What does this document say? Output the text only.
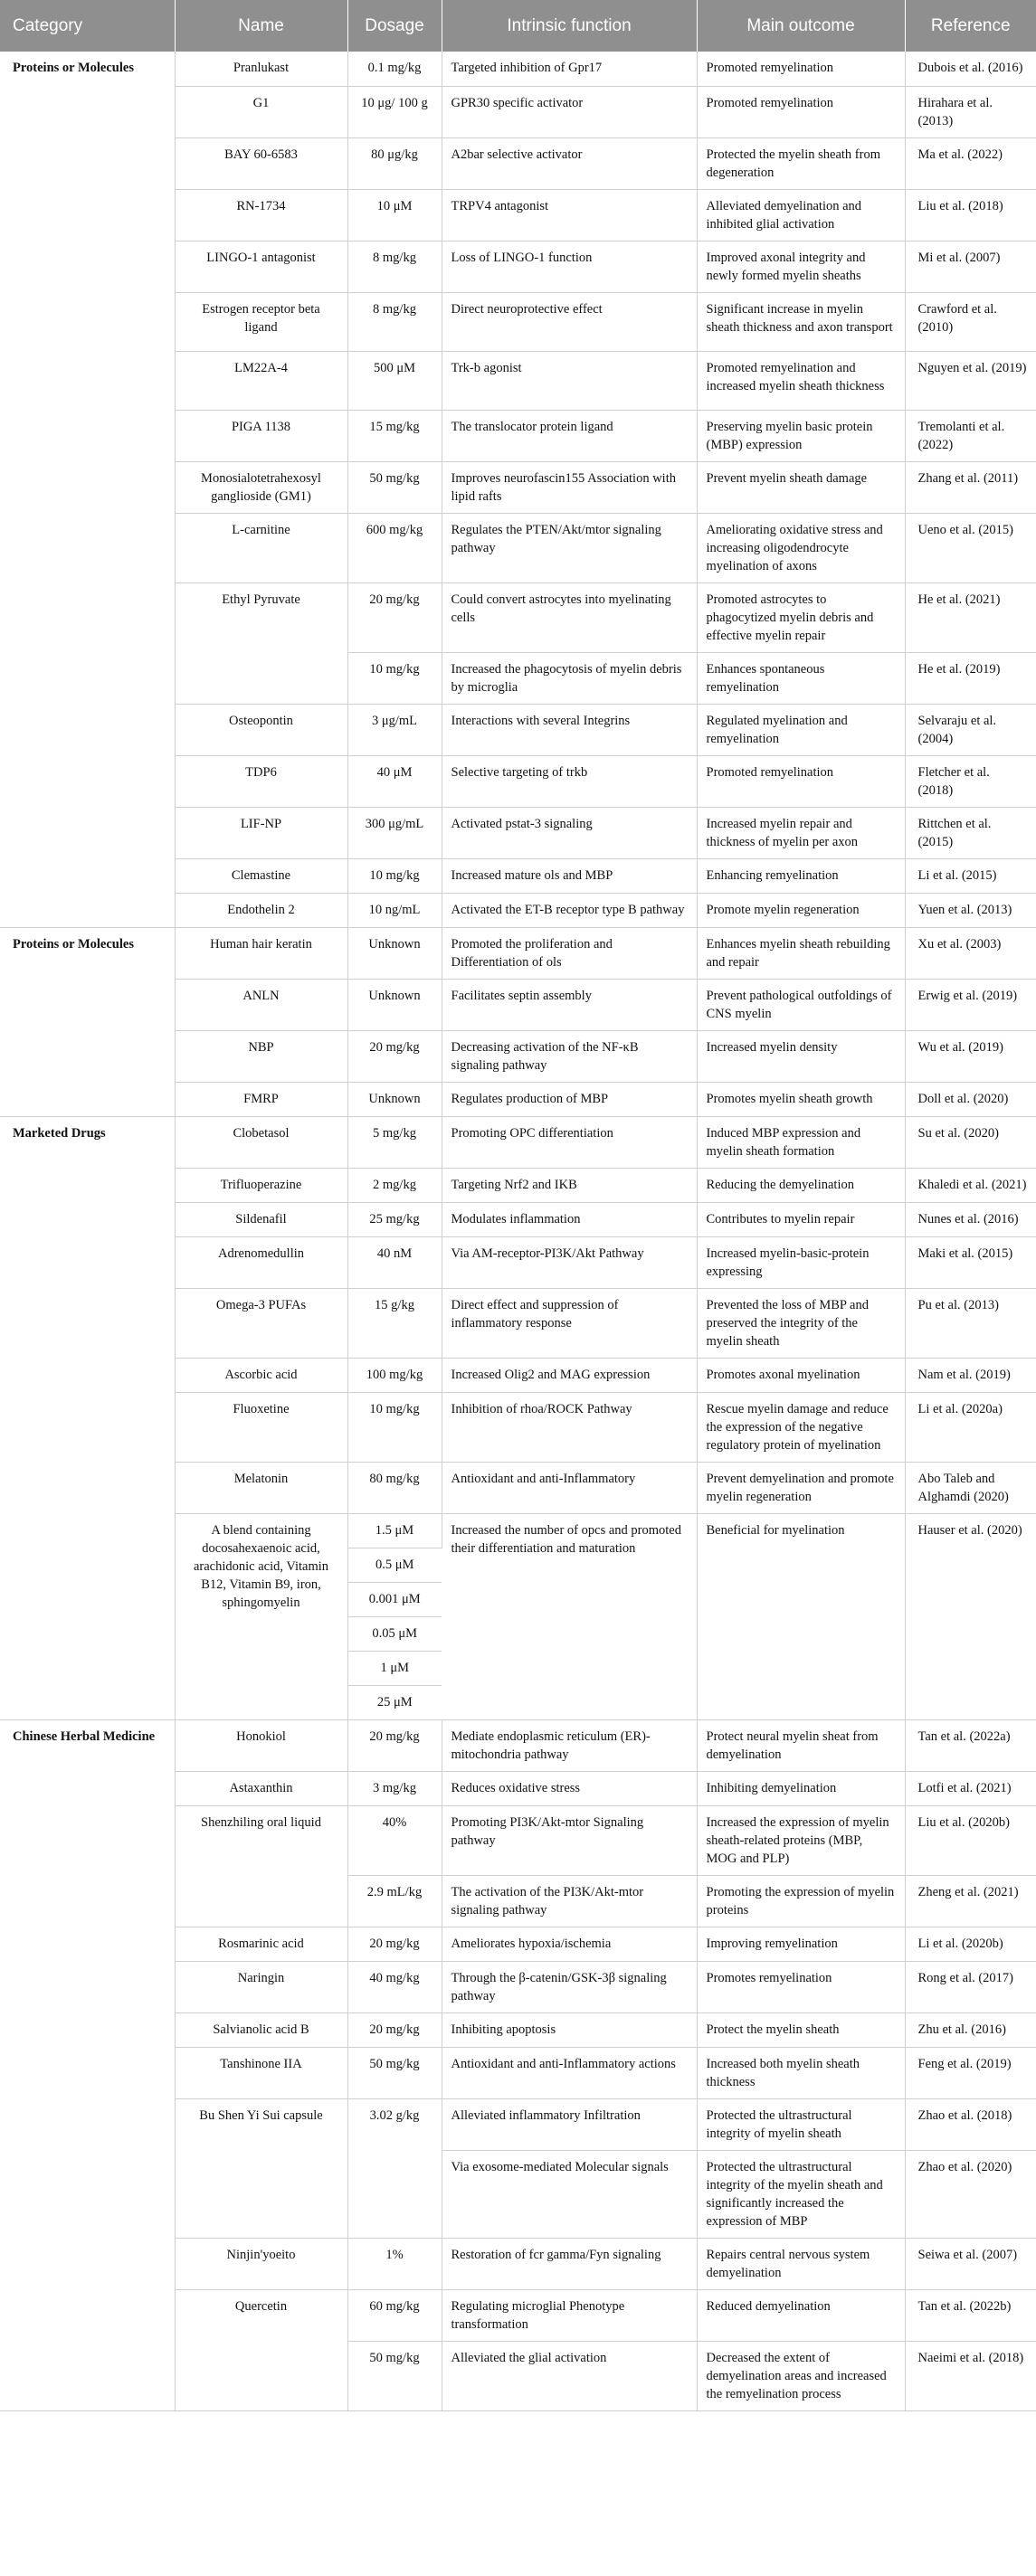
Category	Name	Dosage	Intrinsic function	Main outcome	Reference
Proteins or Molecules	Pranlukast	0.1 mg/kg	Targeted inhibition of Gpr17	Promoted remyelination	Dubois et al. (2016)
	G1	10 μg/ 100 g	GPR30 specific activator	Promoted remyelination	Hirahara et al. (2013)
	BAY 60-6583	80 μg/kg	A2bar selective activator	Protected the myelin sheath from degeneration	Ma et al. (2022)
	RN-1734	10 μM	TRPV4 antagonist	Alleviated demyelination and inhibited glial activation	Liu et al. (2018)
	LINGO-1 antagonist	8 mg/kg	Loss of LINGO-1 function	Improved axonal integrity and newly formed myelin sheaths	Mi et al. (2007)
	Estrogen receptor beta ligand	8 mg/kg	Direct neuroprotective effect	Significant increase in myelin sheath thickness and axon transport	Crawford et al. (2010)
	LM22A-4	500 μM	Trk-b agonist	Promoted remyelination and increased myelin sheath thickness	Nguyen et al. (2019)
	PIGA 1138	15 mg/kg	The translocator protein ligand	Preserving myelin basic protein (MBP) expression	Tremolanti et al. (2022)
	Monosialotetrahexosyl ganglioside (GM1)	50 mg/kg	Improves neurofascin155 Association with lipid rafts	Prevent myelin sheath damage	Zhang et al. (2011)
	L-carnitine	600 mg/kg	Regulates the PTEN/Akt/mtor signaling pathway	Ameliorating oxidative stress and increasing oligodendrocyte myelination of axons	Ueno et al. (2015)
	Ethyl Pyruvate	20 mg/kg	Could convert astrocytes into myelinating cells	Promoted astrocytes to phagocytized myelin debris and effective myelin repair	He et al. (2021)
		10 mg/kg	Increased the phagocytosis of myelin debris by microglia	Enhances spontaneous remyelination	He et al. (2019)
	Osteopontin	3 μg/mL	Interactions with several Integrins	Regulated myelination and remyelination	Selvaraju et al. (2004)
	TDP6	40 μM	Selective targeting of trkb	Promoted remyelination	Fletcher et al. (2018)
	LIF-NP	300 μg/mL	Activated pstat-3 signaling	Increased myelin repair and thickness of myelin per axon	Rittchen et al. (2015)
	Clemastine	10 mg/kg	Increased mature ols and MBP	Enhancing remyelination	Li et al. (2015)
	Endothelin 2	10 ng/mL	Activated the ET-B receptor type B pathway	Promote myelin regeneration	Yuen et al. (2013)
Proteins or Molecules	Human hair keratin	Unknown	Promoted the proliferation and Differentiation of ols	Enhances myelin sheath rebuilding and repair	Xu et al. (2003)
	ANLN	Unknown	Facilitates septin assembly	Prevent pathological outfoldings of CNS myelin	Erwig et al. (2019)
	NBP	20 mg/kg	Decreasing activation of the NF-κB signaling pathway	Increased myelin density	Wu et al. (2019)
	FMRP	Unknown	Regulates production of MBP	Promotes myelin sheath growth	Doll et al. (2020)
Marketed Drugs	Clobetasol	5 mg/kg	Promoting OPC differentiation	Induced MBP expression and myelin sheath formation	Su et al. (2020)
	Trifluoperazine	2 mg/kg	Targeting Nrf2 and IKB	Reducing the demyelination	Khaledi et al. (2021)
	Sildenafil	25 mg/kg	Modulates inflammation	Contributes to myelin repair	Nunes et al. (2016)
	Adrenomedullin	40 nM	Via AM-receptor-PI3K/Akt Pathway	Increased myelin-basic-protein expressing	Maki et al. (2015)
	Omega-3 PUFAs	15 g/kg	Direct effect and suppression of inflammatory response	Prevented the loss of MBP and preserved the integrity of the myelin sheath	Pu et al. (2013)
	Ascorbic acid	100 mg/kg	Increased Olig2 and MAG expression	Promotes axonal myelination	Nam et al. (2019)
	Fluoxetine	10 mg/kg	Inhibition of rhoa/ROCK Pathway	Rescue myelin damage and reduce the expression of the negative regulatory protein of myelination	Li et al. (2020a)
	Melatonin	80 mg/kg	Antioxidant and anti-Inflammatory	Prevent demyelination and promote myelin regeneration	Abo Taleb and Alghamdi (2020)
	A blend containing docosahexaenoic acid, arachidonic acid, Vitamin B12, Vitamin B9, iron, sphingomyelin	1.5 μM	Increased the number of opcs and promoted their differentiation and maturation	Beneficial for myelination	Hauser et al. (2020)
		0.5 μM			
		0.001 μM			
		0.05 μM			
		1 μM			
		25 μM			
Chinese Herbal Medicine	Honokiol	20 mg/kg	Mediate endoplasmic reticulum (ER)-mitochondria pathway	Protect neural myelin sheat from demyelination	Tan et al. (2022a)
	Astaxanthin	3 mg/kg	Reduces oxidative stress	Inhibiting demyelination	Lotfi et al. (2021)
	Shenzhiling oral liquid	40%	Promoting PI3K/Akt-mtor Signaling pathway	Increased the expression of myelin sheath-related proteins (MBP, MOG and PLP)	Liu et al. (2020b)
		2.9 mL/kg	The activation of the PI3K/Akt-mtor signaling pathway	Promoting the expression of myelin proteins	Zheng et al. (2021)
	Rosmarinic acid	20 mg/kg	Ameliorates hypoxia/ischemia	Improving remyelination	Li et al. (2020b)
	Naringin	40 mg/kg	Through the β-catenin/GSK-3β signaling pathway	Promotes remyelination	Rong et al. (2017)
	Salvianolic acid B	20 mg/kg	Inhibiting apoptosis	Protect the myelin sheath	Zhu et al. (2016)
	Tanshinone IIA	50 mg/kg	Antioxidant and anti-Inflammatory actions	Increased both myelin sheath thickness	Feng et al. (2019)
	Bu Shen Yi Sui capsule	3.02 g/kg	Alleviated inflammatory Infiltration	Protected the ultrastructural integrity of myelin sheath	Zhao et al. (2018)
			Via exosome-mediated Molecular signals	Protected the ultrastructural integrity of the myelin sheath and significantly increased the expression of MBP	Zhao et al. (2020)
	Ninjin'yoeito	1%	Restoration of fcr gamma/Fyn signaling	Repairs central nervous system demyelination	Seiwa et al. (2007)
	Quercetin	60 mg/kg	Regulating microglial Phenotype transformation	Reduced demyelination	Tan et al. (2022b)
		50 mg/kg	Alleviated the glial activation	Decreased the extent of demyelination areas and increased the remyelination process	Naeimi et al. (2018)
